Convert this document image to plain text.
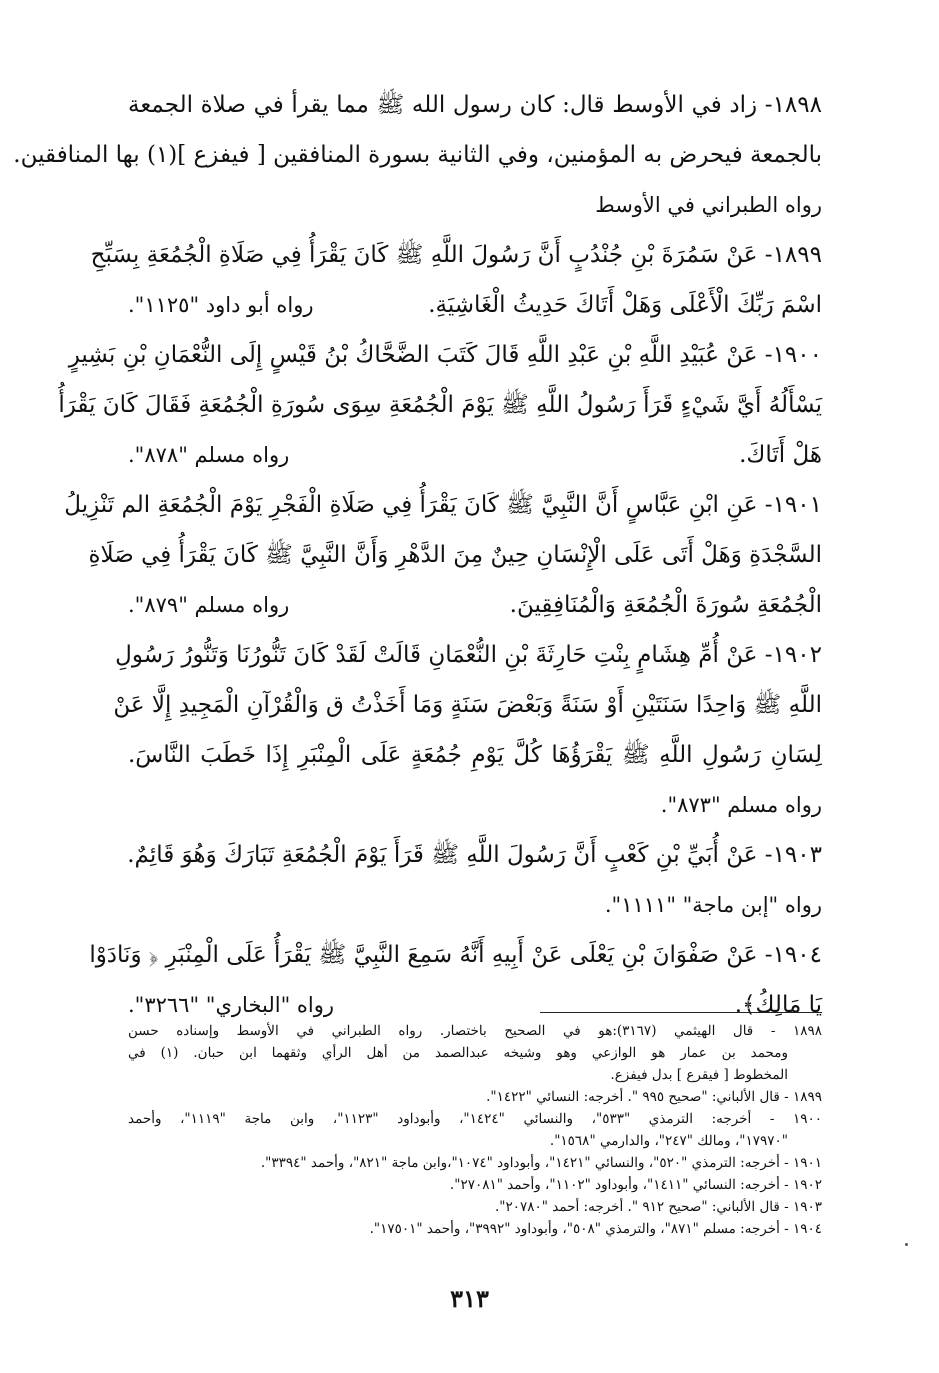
١٨٩٨- زاد في الأوسط قال: كان رسول الله ﷺ مما يقرأ في صلاة الجمعة
بالجمعة فيحرض به المؤمنين، وفي الثانية بسورة المنافقين [ فيفزع ](١) بها المنافقين.
رواه الطبراني في الأوسط
١٨٩٩- عَنْ سَمُرَةَ بْنِ جُنْدُبٍ أَنَّ رَسُولَ اللَّهِ ﷺ كَانَ يَقْرَأُ فِي صَلَاةِ الْجُمُعَةِ بِسَبِّحِ
اسْمَ رَبِّكَ الْأَعْلَى وَهَلْ أَتَاكَ حَدِيثُ الْغَاشِيَةِ.
رواه أبو داود "١١٢٥".
١٩٠٠- عَنْ عُبَيْدِ اللَّهِ بْنِ عَبْدِ اللَّهِ قَالَ كَتَبَ الضَّحَّاكُ بْنُ قَيْسٍ إِلَى النُّعْمَانِ بْنِ بَشِيرٍ
يَسْأَلُهُ أَيَّ شَيْءٍ قَرَأَ رَسُولُ اللَّهِ ﷺ يَوْمَ الْجُمُعَةِ سِوَى سُورَةِ الْجُمُعَةِ فَقَالَ كَانَ يَقْرَأُ
هَلْ أَتَاكَ.
رواه مسلم "٨٧٨".
١٩٠١- عَنِ ابْنِ عَبَّاسٍ أَنَّ النَّبِيَّ ﷺ كَانَ يَقْرَأُ فِي صَلَاةِ الْفَجْرِ يَوْمَ الْجُمُعَةِ الم تَنْزِيلُ
السَّجْدَةِ وَهَلْ أَتَى عَلَى الْإِنْسَانِ حِينٌ مِنَ الدَّهْرِ وَأَنَّ النَّبِيَّ ﷺ كَانَ يَقْرَأُ فِي صَلَاةِ
الْجُمُعَةِ سُورَةَ الْجُمُعَةِ وَالْمُنَافِقِينَ.
رواه مسلم "٨٧٩".
١٩٠٢- عَنْ أُمِّ هِشَامٍ بِنْتِ حَارِثَةَ بْنِ النُّعْمَانِ قَالَتْ لَقَدْ كَانَ تَنُّورُنَا وَتَنُّورُ رَسُولِ
اللَّهِ ﷺ وَاحِدًا سَنَتَيْنِ أَوْ سَنَةً وَبَعْضَ سَنَةٍ وَمَا أَخَذْتُ ق وَالْقُرْآنِ الْمَجِيدِ إِلَّا عَنْ
لِسَانِ رَسُولِ اللَّهِ ﷺ يَقْرَؤُهَا كُلَّ يَوْمِ جُمُعَةٍ عَلَى الْمِنْبَرِ إِذَا خَطَبَ النَّاسَ.
رواه مسلم "٨٧٣".
١٩٠٣- عَنْ أُبَيِّ بْنِ كَعْبٍ أَنَّ رَسُولَ اللَّهِ ﷺ قَرَأَ يَوْمَ الْجُمُعَةِ تَبَارَكَ وَهُوَ قَائِمٌ.
رواه "إبن ماجة" "١١١١".
١٩٠٤- عَنْ صَفْوَانَ بْنِ يَعْلَى عَنْ أَبِيهِ أَنَّهُ سَمِعَ النَّبِيَّ ﷺ يَقْرَأُ عَلَى الْمِنْبَرِ ﴿ وَنَادَوْا
يَا مَالِكُ﴾.
رواه "البخاري" "٣٢٦٦".
١٨٩٨ - قال الهيثمي (٣١٦٧):هو في الصحيح باختصار. رواه الطبراني في الأوسط وإسناده حسن
ومحمد بن عمار هو الوازعي وهو وشيخه عبدالصمد من أهل الرأي وثقهما ابن حبان. (١) في
المخطوط [ فيقرع ] بدل فيفزع.
١٨٩٩ - قال الألباني: "صحيح ٩٩٥ ". أخرجه: النسائي "١٤٢٢".
١٩٠٠ - أخرجه: الترمذي "٥٣٣"، والنسائي "١٤٢٤"، وأبوداود "١١٢٣"، وابن ماجة "١١١٩"، وأحمد
"١٧٩٧٠"، ومالك "٢٤٧"، والدارمي "١٥٦٨".
١٩٠١ - أخرجه: الترمذي "٥٢٠"، والنسائي "١٤٢١"، وأبوداود "١٠٧٤"،وابن ماجة "٨٢١"، وأحمد "٣٣٩٤".
١٩٠٢ - أخرجه: النسائي "١٤١١"، وأبوداود "١١٠٢"، وأحمد "٢٧٠٨١".
١٩٠٣ - قال الألباني: "صحيح ٩١٢ ". أخرجه: أحمد "٢٠٧٨٠".
١٩٠٤ - أخرجه: مسلم "٨٧١"، والترمذي "٥٠٨"، وأبوداود "٣٩٩٢"، وأحمد "١٧٥٠١".
٣١٣
